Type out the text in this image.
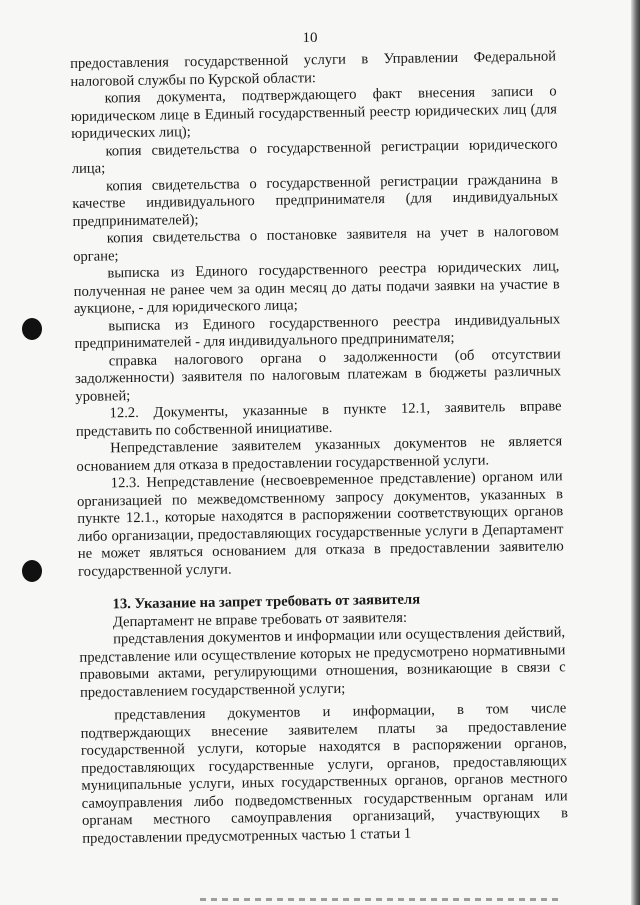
10

предоставления государственной услуги в Управлении Федеральной налоговой службы по Курской области:

копия документа, подтверждающего факт внесения записи о юридическом лице в Единый государственный реестр юридических лиц (для юридических лиц);

копия свидетельства о государственной регистрации юридического лица;

копия свидетельства о государственной регистрации гражданина в качестве индивидуального предпринимателя (для индивидуальных предпринимателей);

копия свидетельства о постановке заявителя на учет в налоговом органе;

выписка из Единого государственного реестра юридических лиц, полученная не ранее чем за один месяц до даты подачи заявки на участие в аукционе, - для юридического лица;

выписка из Единого государственного реестра индивидуальных предпринимателей - для индивидуального предпринимателя;

справка налогового органа о задолженности (об отсутствии задолженности) заявителя по налоговым платежам в бюджеты различных уровней;

12.2. Документы, указанные в пункте 12.1, заявитель вправе представить по собственной инициативе.

Непредставление заявителем указанных документов не является основанием для отказа в предоставлении государственной услуги.

12.3. Непредставление (несвоевременное представление) органом или организацией по межведомственному запросу документов, указанных в пункте 12.1., которые находятся в распоряжении соответствующих органов либо организации, предоставляющих государственные услуги в Департамент не может являться основанием для отказа в предоставлении заявителю государственной услуги.

13. Указание на запрет требовать от заявителя

Департамент не вправе требовать от заявителя:

представления документов и информации или осуществления действий, представление или осуществление которых не предусмотрено нормативными правовыми актами, регулирующими отношения, возникающие в связи с предоставлением государственной услуги;

представления документов и информации, в том числе подтверждающих внесение заявителем платы за предоставление государственной услуги, которые находятся в распоряжении органов, предоставляющих государственные услуги, органов, предоставляющих муниципальные услуги, иных государственных органов, органов местного самоуправления либо подведомственных государственным органам или органам местного самоуправления организаций, участвующих в предоставлении предусмотренных частью 1 статьи 1
